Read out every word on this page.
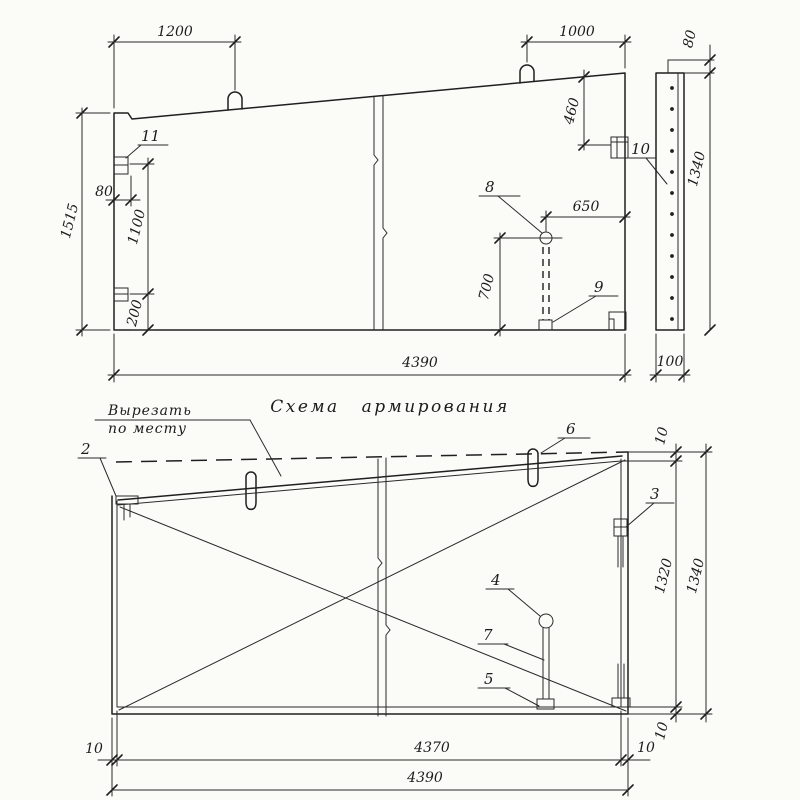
1200	1000
1515
80
1100
200
460
650
700
4390
11
8
9
10
80
1340
100
Схема армирования
Вырезать
по месту
2
6
3
4
7
5
10
1320 1340
10
10	4370	10
4390
